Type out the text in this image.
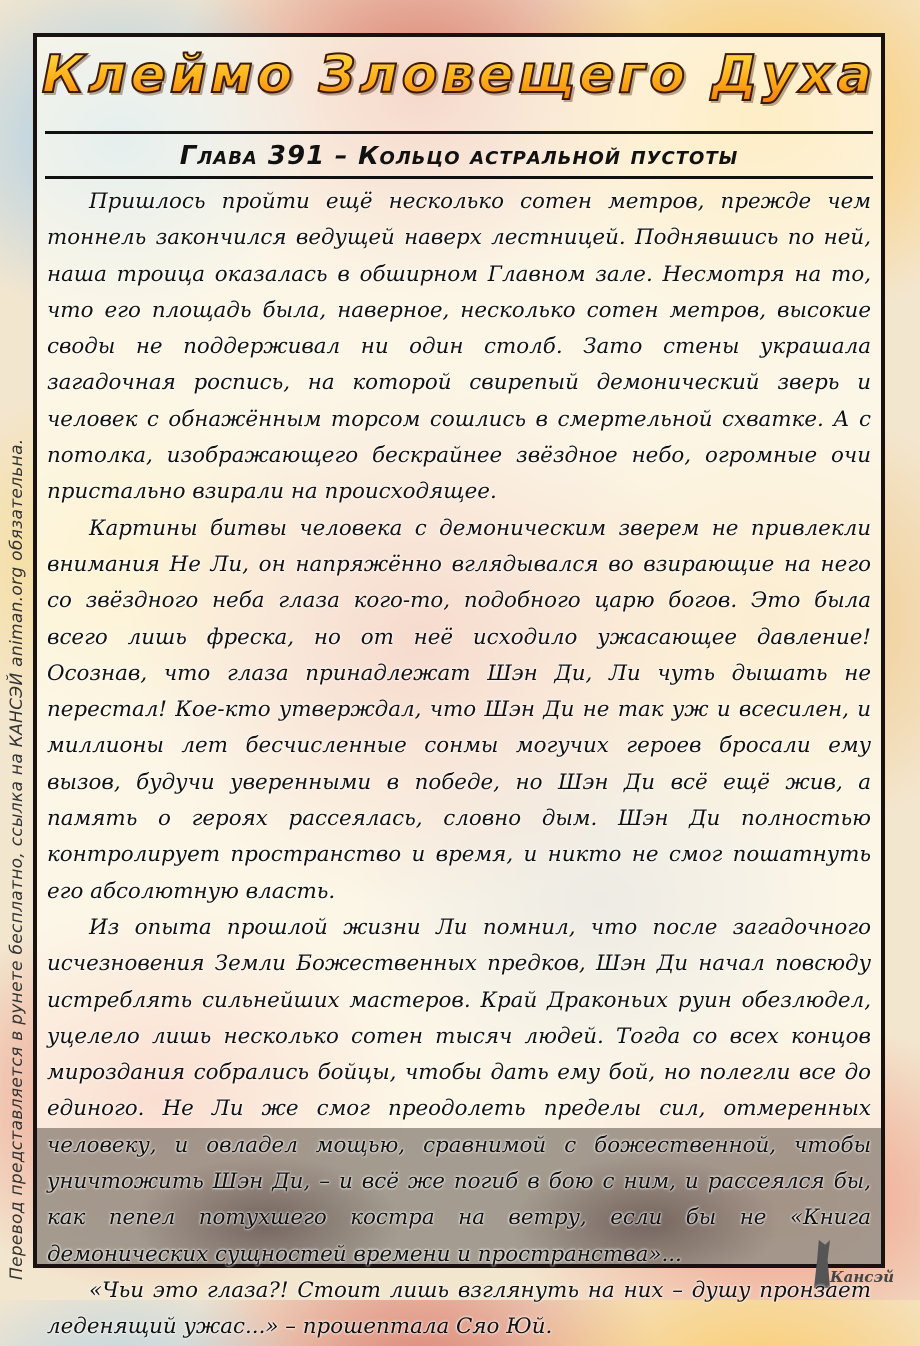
Клеймо Зловещего Духа
Глава 391 – Кольцо астральной пустоты

Пришлось пройти ещё несколько сотен метров, прежде чем тоннель закончился ведущей наверх лестницей. Поднявшись по ней, наша троица оказалась в обширном Главном зале. Несмотря на то, что его площадь была, наверное, несколько сотен метров, высокие своды не поддерживал ни один столб. Зато стены украшала загадочная роспись, на которой свирепый демонический зверь и человек с обнажённым торсом сошлись в смертельной схватке. А с потолка, изображающего бескрайнее звёздное небо, огромные очи пристально взирали на происходящее.

Картины битвы человека с демоническим зверем не привлекли внимания Не Ли, он напряжённо вглядывался во взирающие на него со звёздного неба глаза кого-то, подобного царю богов. Это была всего лишь фреска, но от неё исходило ужасающее давление! Осознав, что глаза принадлежат Шэн Ди, Ли чуть дышать не перестал! Кое-кто утверждал, что Шэн Ди не так уж и всесилен, и миллионы лет бесчисленные сонмы могучих героев бросали ему вызов, будучи уверенными в победе, но Шэн Ди всё ещё жив, а память о героях рассеялась, словно дым. Шэн Ди полностью контролирует пространство и время, и никто не смог пошатнуть его абсолютную власть.

Из опыта прошлой жизни Ли помнил, что после загадочного исчезновения Земли Божественных предков, Шэн Ди начал повсюду истреблять сильнейших мастеров. Край Драконьих руин обезлюдел, уцелело лишь несколько сотен тысяч людей. Тогда со всех концов мироздания собрались бойцы, чтобы дать ему бой, но полегли все до единого. Не Ли же смог преодолеть пределы сил, отмеренных человеку, и овладел мощью, сравнимой с божественной, чтобы уничтожить Шэн Ди, – и всё же погиб в бою с ним, и рассеялся бы, как пепел потухшего костра на ветру, если бы не «Книга демонических сущностей времени и пространства»...

«Чьи это глаза?! Стоит лишь взглянуть на них – душу пронзает леденящий ужас...» – прошептала Сяо Юй.

Перевод представляется в рунете бесплатно, ссылка на КАНСЭЙ animan.org обязательна.	Кансэй
